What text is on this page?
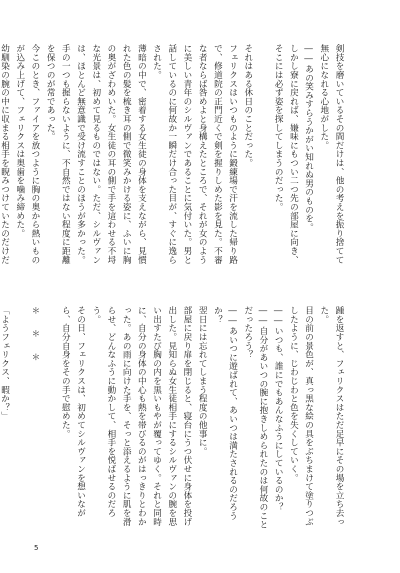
剣技を磨いているその間だけは、他の考えを振り捨てて無心になれる心地がした。

――あの笑みすらうかがい知れぬ男のものを。

しかし寮に戻れば、嫌味にもつい二つ先の部屋に向き、そこには必ず姿を探してしまうのだった。

それはある休日のことだった。

フェリクスはいつものように鍛練場で汗を流した帰り路で、修道院の正門近くで剣を握りしめた影を見た。不審な者ならば咎めよと身構えたところで、それが女のように美しい青年のシルヴァンであることに気付いた。男と話しているのに何故か一瞬だけ合った目が、すぐに逸らされた。

薄暗の中で、密着する女生徒の身体を支えながら、見慣れた色の髪を梳き耳の側で微笑みかける姿に、ふいに胸の奥がざわめいた。女生徒の耳の側で手を這わせる不埒な光景は、初めて見るものではない。ただ、シルヴァンは、ほとんど無意識で受け流すことのほうが多かった。手の一つも握らないように、不自然ではない程度に距離を保つのが常であった。

今このとき、ファイアを放つように胸の奥から熱いものが込み上げて、フェリクスは奥歯を噛み締めた。

幼馴染の腕の中に収まる相手を睨みつけていたのだけだ

踵を返すと、フェリクスはただ足早にその場を立ち去った。

目の前の景色が、真っ黒な絵の具をぶちまけて塗りつぶしたように、じわじわと色を失くしていく。

――いつも、誰にでもあんなふうにしているのか？

――自分があいつの腕に抱きしめられたのは何故のことだったろう？

――あいつに遊ばれて、あいつは満たされるのだろうか？

翌日には忘れてしまう程度の他事に。

部屋に戻り扉を閉じると、寝台にうつ伏せに身体を投げ出した。見知らぬ女生徒相手にするシルヴァンの腕を思い出すたび胸の内を黒いもやが覆ってゆく。それと同時に、自分の身体の中心も熱を帯びるのがはっきりとわかった。あの雨に向けた手を、そっと添えるように肌を滑らせ、どんなふうに動かして、相手を悦ばせるのだろう。

その日、フェリクスは、初めてシルヴァンを想いながら、自分自身をその手で慰めた。

＊　＊　＊

「ようフェリクス、暇か？」

5
